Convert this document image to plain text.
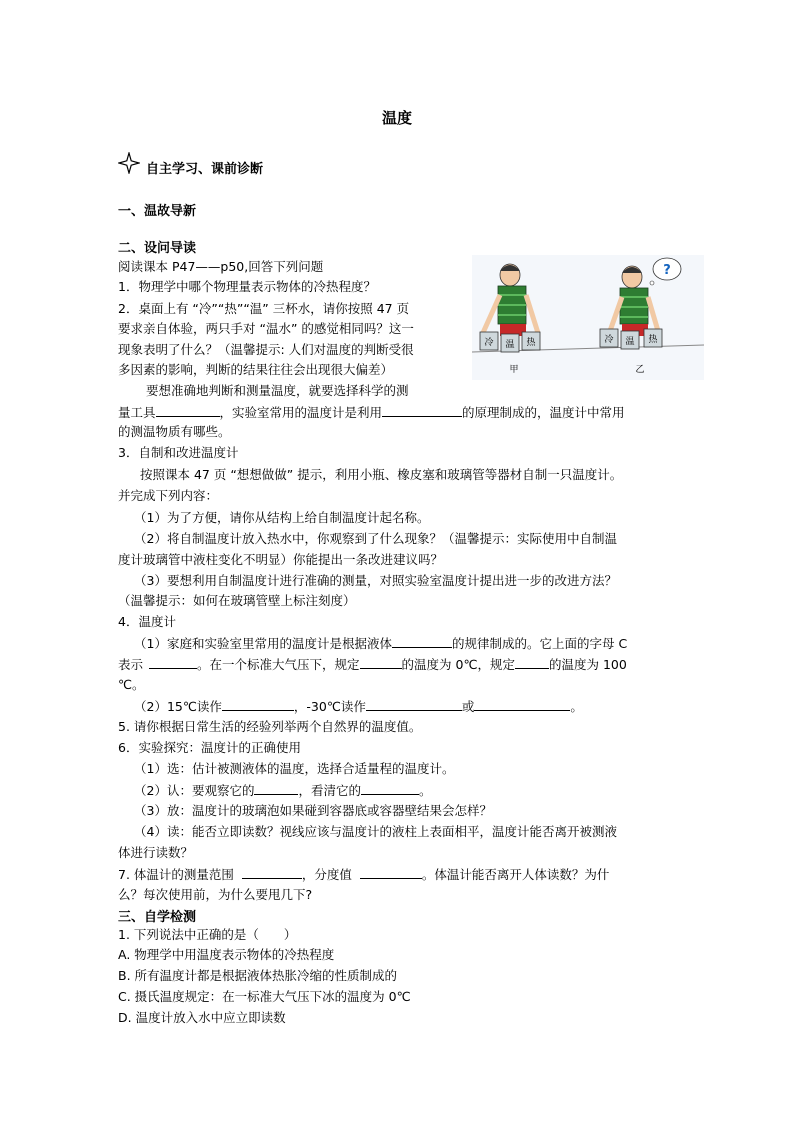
温度
自主学习、课前诊断
一、温故导新
二、设问导读
阅读课本 P47——p50,回答下列问题
1．物理学中哪个物理量表示物体的冷热程度？
2．桌面上有 “冷”“热”“温” 三杯水，请你按照 47 页
要求亲自体验，两只手对 “温水” 的感觉相同吗？这一
现象表明了什么？（温馨提示: 人们对温度的判断受很
多因素的影响，判断的结果往往会出现很大偏差）
要想准确地判断和测量温度，就要选择科学的测
量工具	，实验室常用的温度计是利用	的原理制成的，温度计中常用
的测温物质有哪些。
3．自制和改进温度计
按照课本 47 页 “想想做做” 提示，利用小瓶、橡皮塞和玻璃管等器材自制一只温度计。
并完成下列内容：
（1）为了方便，请你从结构上给自制温度计起名称。
（2）将自制温度计放入热水中，你观察到了什么现象？（温馨提示：实际使用中自制温
度计玻璃管中液柱变化不明显）你能提出一条改进建议吗？
（3）要想利用自制温度计进行准确的测量，对照实验室温度计提出进一步的改进方法？
（温馨提示：如何在玻璃管壁上标注刻度）
4．温度计
（1）家庭和实验室里常用的温度计是根据液体	的规律制成的。它上面的字母 C
表示	。在一个标准大气压下，规定	的温度为 0℃，规定	的温度为 100
℃。
（2）15℃读作	，-30℃读作	或	。
5. 请你根据日常生活的经验列举两个自然界的温度值。
6．实验探究：温度计的正确使用
（1）选：估计被测液体的温度，选择合适量程的温度计。
（2）认：要观察它的	，看清它的	。
（3）放：温度计的玻璃泡如果碰到容器底或容器壁结果会怎样？
（4）读：能否立即读数？视线应该与温度计的液柱上表面相平，温度计能否离开被测液
体进行读数？
7. 体温计的测量范围	，分度值	。体温计能否离开人体读数？为什
么？每次使用前，为什么要甩几下?
三、自学检测
1. 下列说法中正确的是（　　）
A. 物理学中用温度表示物体的冷热程度
B. 所有温度计都是根据液体热胀冷缩的性质制成的
C. 摄氏温度规定：在一标准大气压下冰的温度为 0℃
D. 温度计放入水中应立即读数
冷 温 热
甲
?
冷 温 热
乙
